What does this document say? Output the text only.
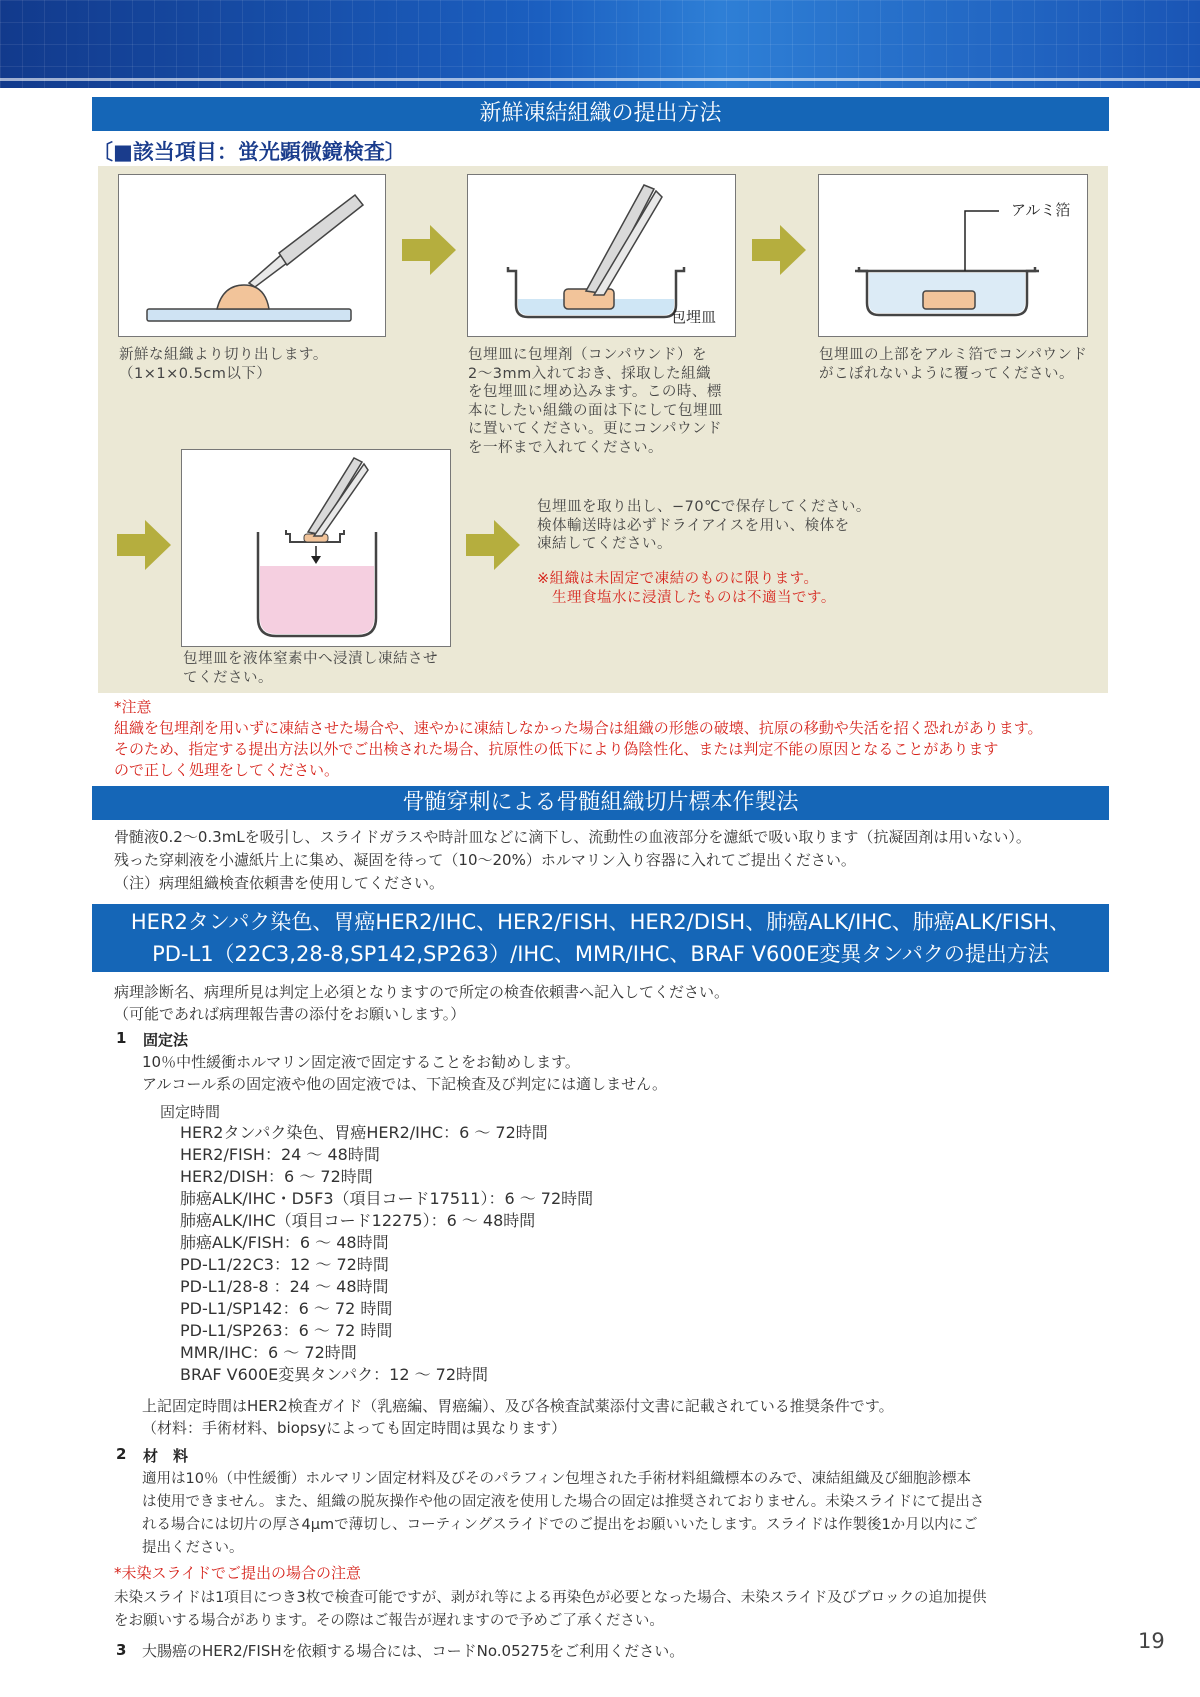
新鮮凍結組織の提出方法
〔■該当項目：蛍光顕微鏡検査〕
包埋皿
アルミ箔
新鮮な組織より切り出します。
（1×1×0.5cm以下）
包埋皿に包埋剤（コンパウンド）を
2～3mm入れておき、採取した組織
を包埋皿に埋め込みます。この時、標
本にしたい組織の面は下にして包埋皿
に置いてください。更にコンパウンド
を一杯まで入れてください。
包埋皿の上部をアルミ箔でコンパウンド
がこぼれないように覆ってください。
包埋皿を液体窒素中へ浸漬し凍結させ
てください。
包埋皿を取り出し、−70℃で保存してください。
検体輸送時は必ずドライアイスを用い、検体を
凍結してください。
※組織は未固定で凍結のものに限ります。
　生理食塩水に浸漬したものは不適当です。
*注意
組織を包埋剤を用いずに凍結させた場合や、速やかに凍結しなかった場合は組織の形態の破壊、抗原の移動や失活を招く恐れがあります。
そのため、指定する提出方法以外でご出検された場合、抗原性の低下により偽陰性化、または判定不能の原因となることがあります
ので正しく処理をしてください。
骨髄穿刺による骨髄組織切片標本作製法
骨髄液0.2～0.3mLを吸引し、スライドガラスや時計皿などに滴下し、流動性の血液部分を濾紙で吸い取ります（抗凝固剤は用いない）。
残った穿刺液を小濾紙片上に集め、凝固を待って（10～20%）ホルマリン入り容器に入れてご提出ください。
（注）病理組織検査依頼書を使用してください。
HER2タンパク染色、胃癌HER2/IHC、HER2/FISH、HER2/DISH、肺癌ALK/IHC、肺癌ALK/FISH、
PD-L1（22C3,28-8,SP142,SP263）/IHC、MMR/IHC、BRAF V600E変異タンパクの提出方法
病理診断名、病理所見は判定上必須となりますので所定の検査依頼書へ記入してください。
（可能であれば病理報告書の添付をお願いします。）
1 固定法
10％中性緩衝ホルマリン固定液で固定することをお勧めします。
アルコール系の固定液や他の固定液では、下記検査及び判定には適しません。
固定時間
HER2タンパク染色、胃癌HER2/IHC：6 ～ 72時間
HER2/FISH：24 ～ 48時間
HER2/DISH：6 ～ 72時間
肺癌ALK/IHC・D5F3（項目コード17511）：6 ～ 72時間
肺癌ALK/IHC（項目コード12275）：6 ～ 48時間
肺癌ALK/FISH：6 ～ 48時間
PD-L1/22C3：12 ～ 72時間
PD-L1/28-8 ：24 ～ 48時間
PD-L1/SP142：6 ～ 72 時間
PD-L1/SP263：6 ～ 72 時間
MMR/IHC：6 ～ 72時間
BRAF V600E変異タンパク：12 ～ 72時間
上記固定時間はHER2検査ガイド（乳癌編、胃癌編）、及び各検査試薬添付文書に記載されている推奨条件です。
（材料：手術材料、biopsyによっても固定時間は異なります）
2 材　料
適用は10％（中性緩衝）ホルマリン固定材料及びそのパラフィン包埋された手術材料組織標本のみで、凍結組織及び細胞診標本
は使用できません。また、組織の脱灰操作や他の固定液を使用した場合の固定は推奨されておりません。未染スライドにて提出さ
れる場合には切片の厚さ4μmで薄切し、コーティングスライドでのご提出をお願いいたします。スライドは作製後1か月以内にご
提出ください。
*未染スライドでご提出の場合の注意
未染スライドは1項目につき3枚で検査可能ですが、剥がれ等による再染色が必要となった場合、未染スライド及びブロックの追加提供
をお願いする場合があります。その際はご報告が遅れますので予めご了承ください。
3 大腸癌のHER2/FISHを依頼する場合には、コードNo.05275をご利用ください。	19
